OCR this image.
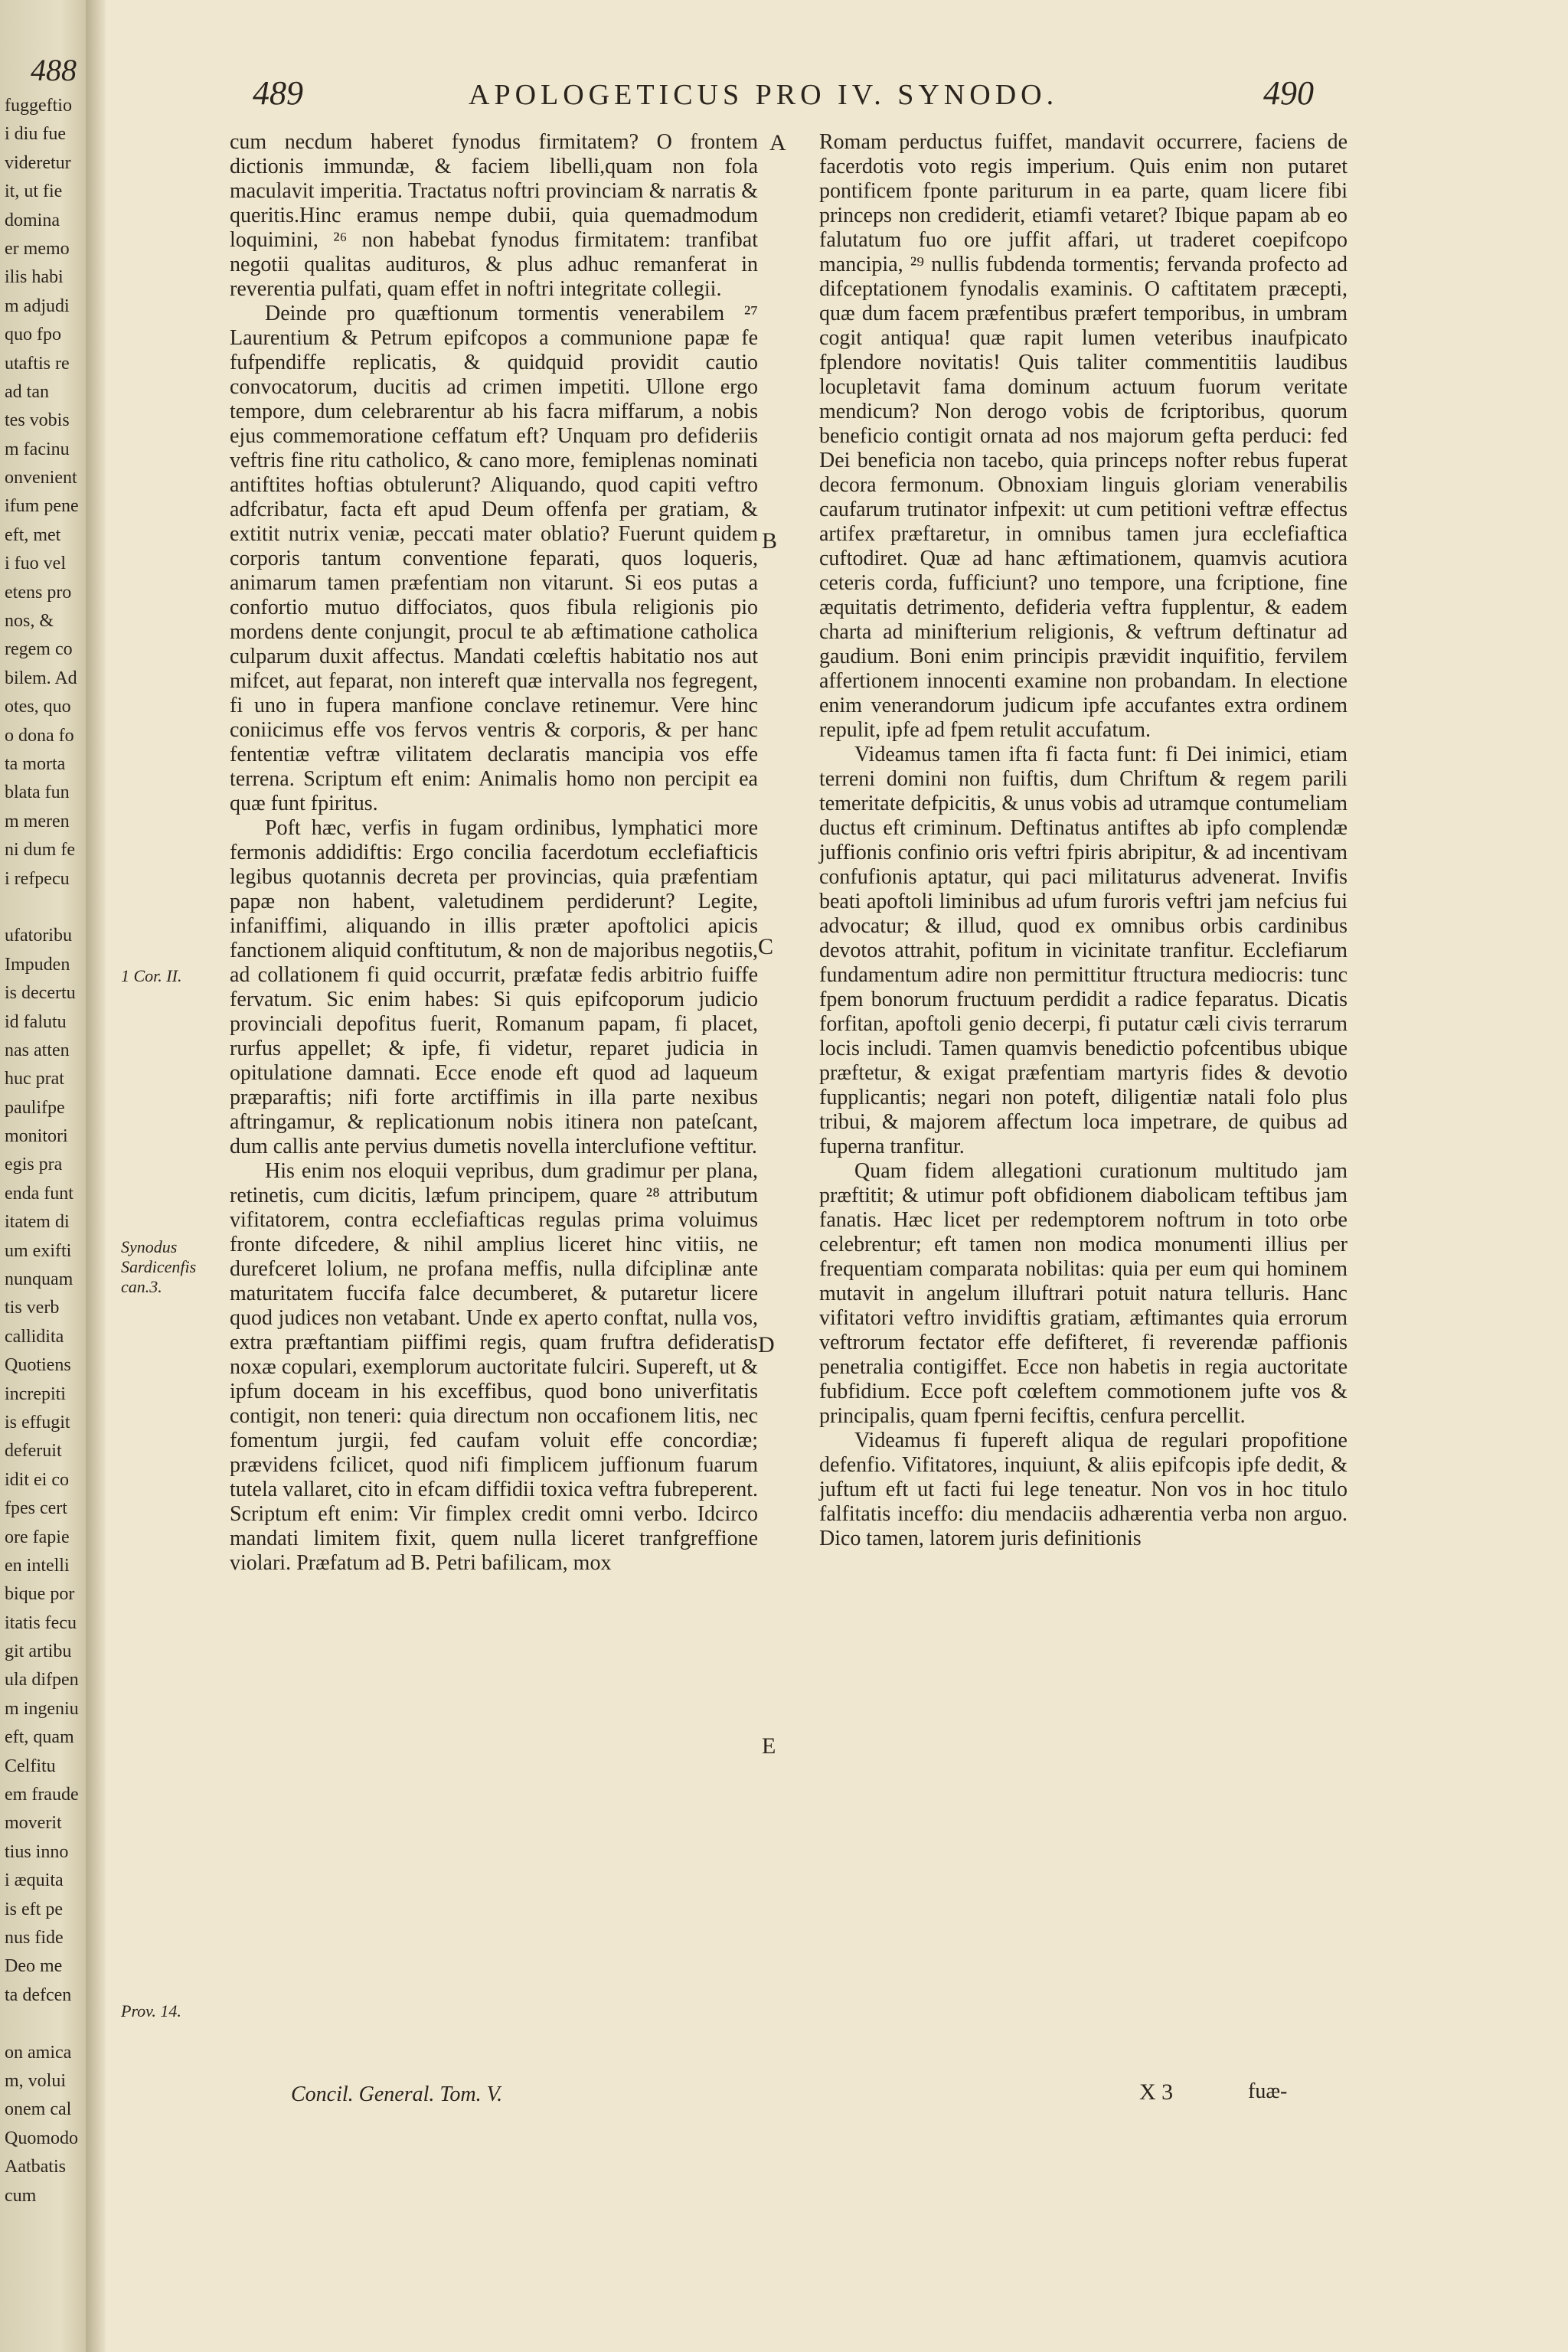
488
fuggeftio
i diu fue
videretur
it, ut fie
domina
er memo
ilis habi
m adjudi
quo fpo
utaftis re
ad tan
tes vobis
m facinu
onvenient
ifum pene
eft, met
i fuo vel
etens pro
nos, &
regem co
bilem. Ad
otes, quo
o dona fo
ta morta
blata fun
m meren
ni dum fe
i refpecu
ufatoribu
Impuden
is decertu
id falutu
nas atten
huc prat
paulifpe
monitori
egis pra
enda funt
itatem di
um exifti
nunquam
tis verb
callidita
Quotiens
increpiti
is effugit
deferuit
idit ei co
fpes cert
ore fapie
en intelli
bique por
itatis fecu
git artibu
ula difpen
m ingeniu
eft, quam
Celfitu
em fraude
moverit
tius inno
i æquita
is eft pe
nus fide
Deo me
ta defcen
on amica
m, volui
onem cal
Quomodo
Aatbatis
cum
489	APOLOGETICUS PRO IV. SYNODO.	490

cum necdum haberet fynodus firmitatem? O frontem dictionis immundæ, & faciem libelli,quam non fola maculavit imperitia. Tractatus noftri provinciam & narratis & queritis.Hinc eramus nempe dubii, quia quemadmodum loquimini, ²⁶ non habebat fynodus firmitatem: tranfibat negotii qualitas audituros, & plus adhuc remanferat in reverentia pulfati, quam effet in noftri integritate collegii.

Deinde pro quæftionum tormentis venerabilem ²⁷ Laurentium & Petrum epifcopos a communione papæ fe fufpendiffe replicatis, & quidquid providit cautio convocatorum, ducitis ad crimen impetiti. Ullone ergo tempore, dum celebrarentur ab his facra miffarum, a nobis ejus commemoratione ceffatum eft? Unquam pro defideriis veftris fine ritu catholico, & cano more, femiplenas nominati antiftites hoftias obtulerunt? Aliquando, quod capiti veftro adfcribatur, facta eft apud Deum offenfa per gratiam, & extitit nutrix veniæ, peccati mater oblatio? Fuerunt quidem corporis tantum conventione feparati, quos loqueris, animarum tamen præfentiam non vitarunt. Si eos putas a confortio mutuo diffociatos, quos fibula religionis pio mordens dente conjungit, procul te ab æftimatione catholica culparum duxit affectus. Mandati cœleftis habitatio nos aut mifcet, aut feparat, non intereft quæ intervalla nos fegregent, fi uno in fupera manfione conclave retinemur. Vere hinc coniicimus effe vos fervos ventris & corporis, & per hanc fententiæ veftræ vilitatem declaratis mancipia vos effe terrena. Scriptum eft enim: Animalis homo non percipit ea quæ funt fpiritus.

Poft hæc, verfis in fugam ordinibus, lymphatici more fermonis addidiftis: Ergo concilia facerdotum ecclefiafticis legibus quotannis decreta per provincias, quia præfentiam papæ non habent, valetudinem perdiderunt? Legite, infaniffimi, aliquando in illis præter apoftolici apicis fanctionem aliquid conftitutum, & non de majoribus negotiis, ad collationem fi quid occurrit, præfatæ fedis arbitrio fuiffe fervatum. Sic enim habes: Si quis epifcoporum judicio provinciali depofitus fuerit, Romanum papam, fi placet, rurfus appellet; & ipfe, fi videtur, reparet judicia in opitulatione damnati. Ecce enode eft quod ad laqueum præparaftis; nifi forte arctiffimis in illa parte nexibus aftringamur, & replicationum nobis itinera non pateſcant, dum callis ante pervius dumetis novella interclufione veftitur.

His enim nos eloquii vepribus, dum gradimur per plana, retinetis, cum dicitis, læfum principem, quare ²⁸ attributum vifitatorem, contra ecclefiafticas regulas prima voluimus fronte difcedere, & nihil amplius liceret hinc vitiis, ne durefceret lolium, ne profana meffis, nulla difciplinæ ante maturitatem fuccifa falce decumberet, & putaretur licere quod judices non vetabant. Unde ex aperto conftat, nulla vos, extra præftantiam piiffimi regis, quam fruftra defideratis noxæ copulari, exemplorum auctoritate fulciri. Supereft, ut & ipfum doceam in his exceffibus, quod bono univerfitatis contigit, non teneri: quia directum non occafionem litis, nec fomentum jurgii, fed caufam voluit effe concordiæ; prævidens fcilicet, quod nifi fimplicem juffionum fuarum tutela vallaret, cito in efcam diffidii toxica veftra fubreperent. Scriptum eft enim: Vir fimplex credit omni verbo. Idcirco mandati limitem fixit, quem nulla liceret tranfgreffione violari. Præfatum ad B. Petri bafilicam, mox

Romam perductus fuiffet, mandavit occurrere, faciens de facerdotis voto regis imperium. Quis enim non putaret pontificem fponte pariturum in ea parte, quam licere fibi princeps non crediderit, etiamfi vetaret? Ibique papam ab eo falutatum fuo ore juffit affari, ut traderet coepifcopo mancipia, ²⁹ nullis fubdenda tormentis; fervanda profecto ad difceptationem fynodalis examinis. O caftitatem præcepti, quæ dum facem præfentibus præfert temporibus, in umbram cogit antiqua! quæ rapit lumen veteribus inaufpicato fplendore novitatis! Quis taliter commentitiis laudibus locupletavit fama dominum actuum fuorum veritate mendicum? Non derogo vobis de fcriptoribus, quorum beneficio contigit ornata ad nos majorum gefta perduci: fed Dei beneficia non tacebo, quia princeps nofter rebus fuperat decora fermonum. Obnoxiam linguis gloriam venerabilis caufarum trutinator infpexit: ut cum petitioni veftræ effectus artifex præftaretur, in omnibus tamen jura ecclefiaftica cuftodiret. Quæ ad hanc æftimationem, quamvis acutiora ceteris corda, fufficiunt? uno tempore, una fcriptione, fine æquitatis detrimento, defideria veftra fupplentur, & eadem charta ad minifterium religionis, & veftrum deftinatur ad gaudium. Boni enim principis prævidit inquifitio, fervilem affertionem innocenti examine non probandam. In electione enim venerandorum judicum ipfe accufantes extra ordinem repulit, ipfe ad fpem retulit accufatum.

Videamus tamen ifta fi facta funt: fi Dei inimici, etiam terreni domini non fuiftis, dum Chriftum & regem parili temeritate defpicitis, & unus vobis ad utramque contumeliam ductus eft criminum. Deftinatus antiftes ab ipfo complendæ juffionis confinio oris veftri fpiris abripitur, & ad incentivam confufionis aptatur, qui paci militaturus advenerat. Invifis beati apoftoli liminibus ad ufum furoris veftri jam nefcius fui advocatur; & illud, quod ex omnibus orbis cardinibus devotos attrahit, pofitum in vicinitate tranfitur. Ecclefiarum fundamentum adire non permittitur ftructura mediocris: tunc fpem bonorum fructuum perdidit a radice feparatus. Dicatis forfitan, apoftoli genio decerpi, fi putatur cæli civis terrarum locis includi. Tamen quamvis benedictio pofcentibus ubique præftetur, & exigat præfentiam martyris fides & devotio fupplicantis; negari non poteft, diligentiæ natali folo plus tribui, & majorem affectum loca impetrare, de quibus ad fuperna tranfitur.

Quam fidem allegationi curationum multitudo jam præftitit; & utimur poft obfidionem diabolicam teftibus jam fanatis. Hæc licet per redemptorem noftrum in toto orbe celebrentur; eft tamen non modica monumenti illius per frequentiam comparata nobilitas: quia per eum qui hominem mutavit in angelum illuftrari potuit natura telluris. Hanc vifitatori veftro invidiftis gratiam, æftimantes quia errorum veftrorum fectator effe defifteret, fi reverendæ paffionis penetralia contigiffet. Ecce non habetis in regia auctoritate fubfidium. Ecce poft cœleftem commotionem jufte vos & principalis, quam fperni feciftis, cenfura percellit.

Videamus fi fupereft aliqua de regulari propofitione defenfio. Vifitatores, inquiunt, & aliis epifcopis ipfe dedit, & juftum eft ut facti fui lege teneatur. Non vos in hoc titulo falfitatis inceffo: diu mendaciis adhærentia verba non arguo. Dico tamen, latorem juris definitionis

1 Cor. II.
Synodus Sardicenfis can.3.
Prov. 14.
A
B
C
D
E
Concil. General. Tom. V.	X 3	fuæ-
